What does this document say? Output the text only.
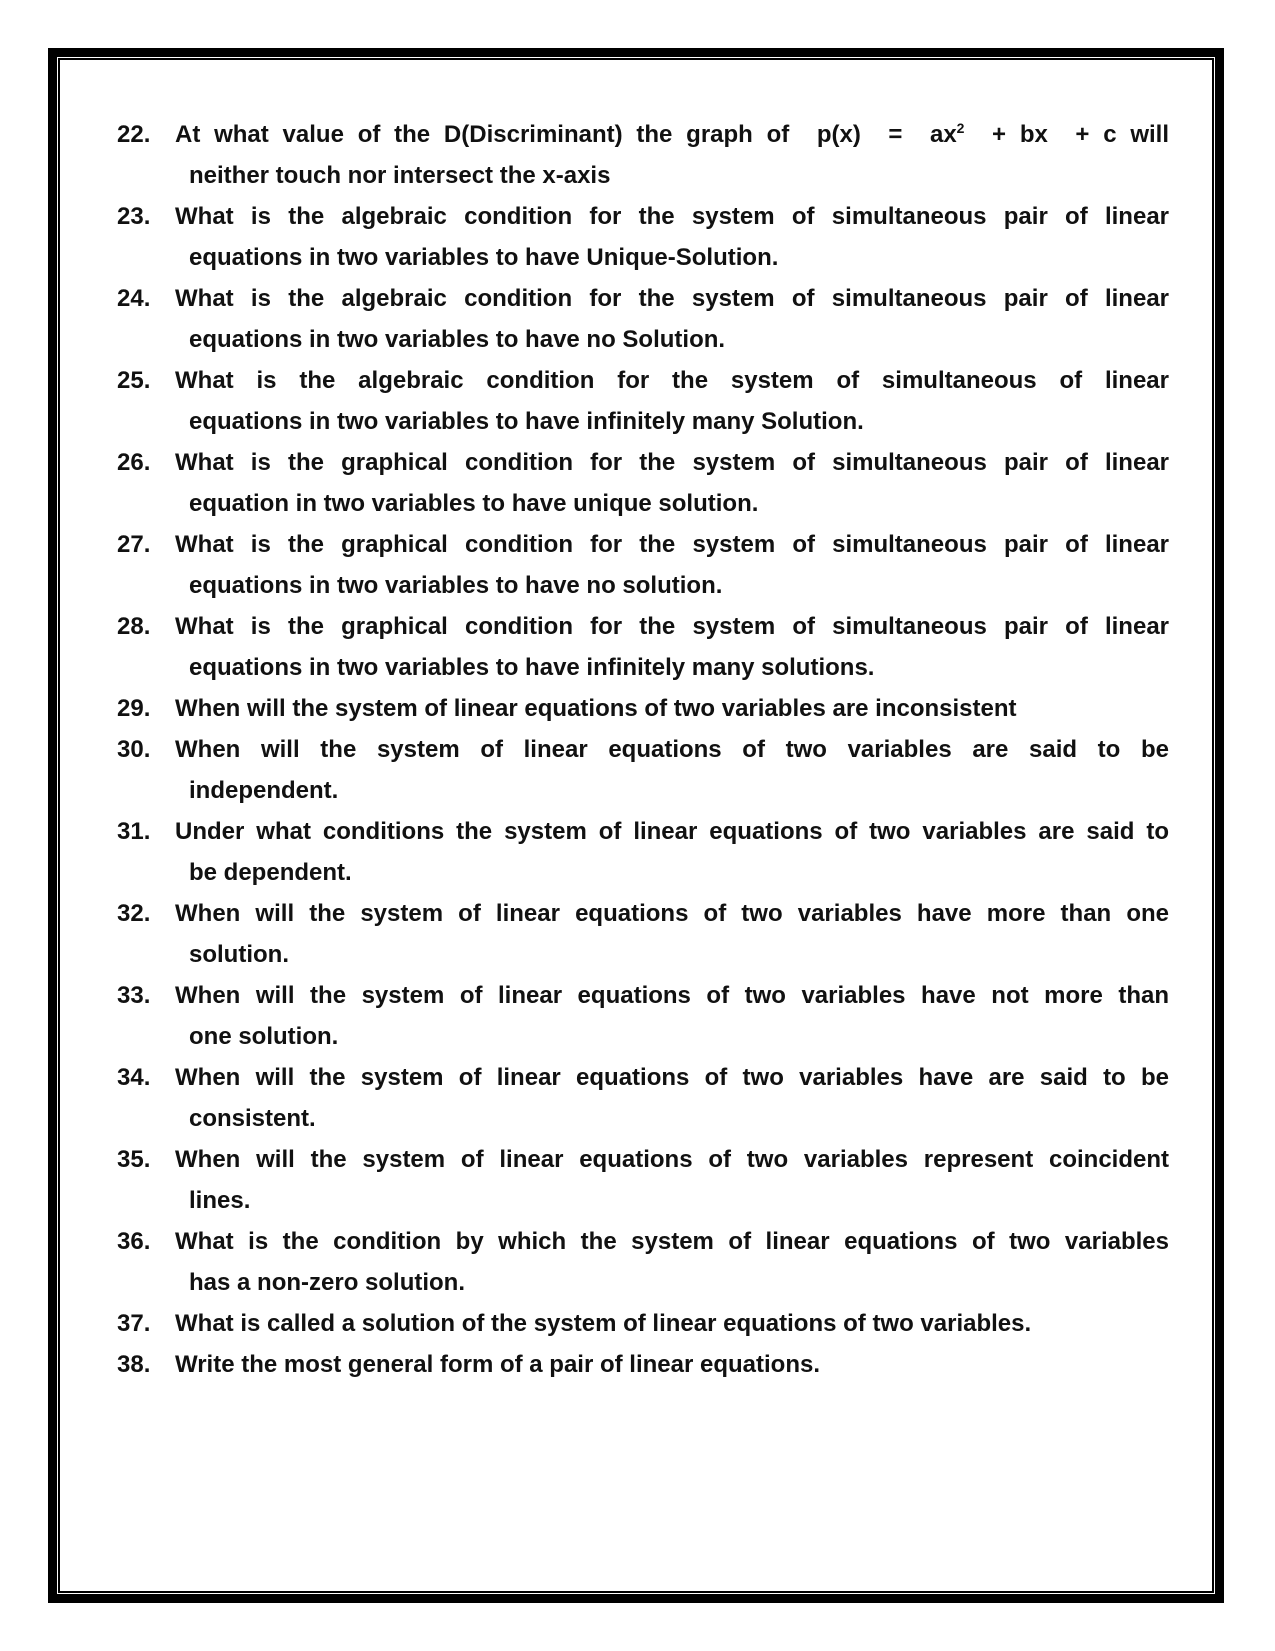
22.	At what value of the D(Discriminant) the graph of  $p(x) = ax^2$  + bx  + c will
neither touch nor intersect the x-axis
23.	What is the algebraic condition for the system of simultaneous pair of linear
equations in two variables to have Unique-Solution.
24.	What is the algebraic condition for the system of simultaneous pair of linear
equations in two variables to have no Solution.
25.	What is the algebraic condition for the system of simultaneous of linear
equations in two variables to have infinitely many Solution.
26.	What is the graphical condition for the system of simultaneous pair of linear
equation in two variables to have unique solution.
27.	What is the graphical condition for the system of simultaneous pair of linear
equations in two variables to have no solution.
28.	What is the graphical condition for the system of simultaneous pair of linear
equations in two variables to have infinitely many solutions.
29.	When will the system of linear equations of two variables are inconsistent
30.	When will the system of linear equations of two variables are said to be
independent.
31.	Under what conditions the system of linear equations of two variables are said to
be dependent.
32.	When will the system of linear equations of two variables have more than one
solution.
33.	When will the system of linear equations of two variables have not more than
one solution.
34.	When will the system of linear equations of two variables have are said to be
consistent.
35.	When will the system of linear equations of two variables represent coincident
lines.
36.	What is the condition by which the system of linear equations of two variables
has a non-zero solution.
37.	What is called a solution of the system of linear equations of two variables.
38.	Write the most general form of a pair of linear equations.
